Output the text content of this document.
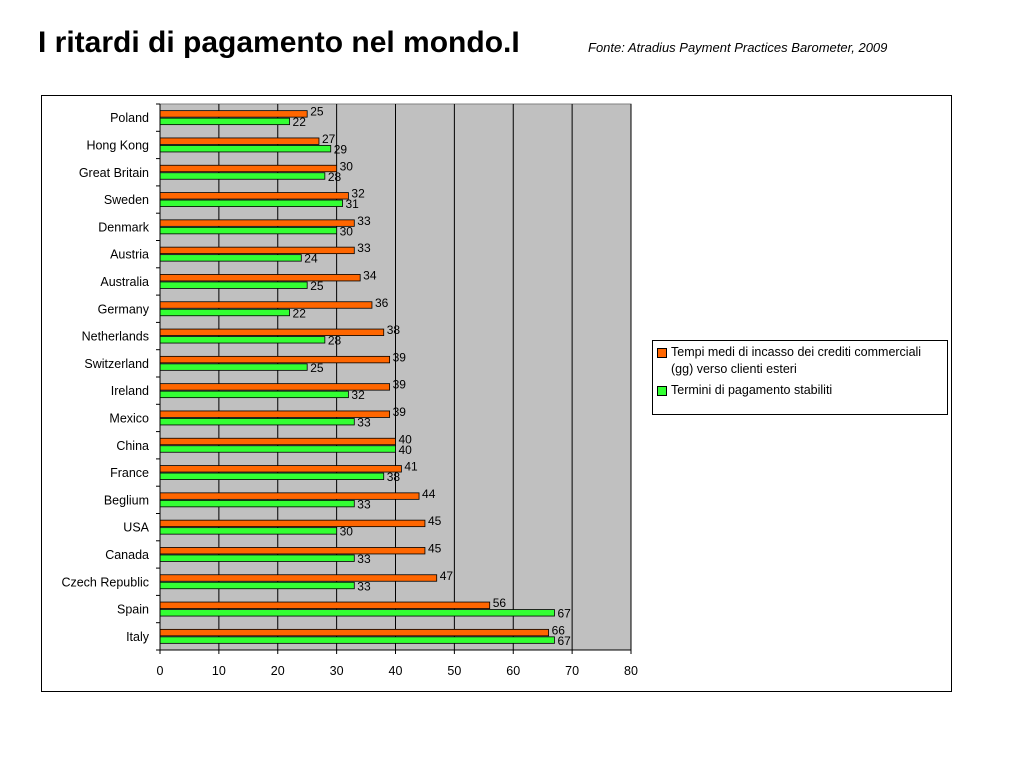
I ritardi di pagamento nel mondo.I	Fonte: Atradius Payment Practices Barometer, 2009
25
22
Poland
27
29
Hong Kong
30
28
Great Britain
32
31
Sweden
33
30
Denmark
33
24
Austria
34
25
Australia
36
22
Germany
38
28
Netherlands
39
25
Switzerland
39
32
Ireland
39
33
Mexico
40
40
China
41
38
France
44
33
Beglium
45
30
USA
45
33
Canada
47
33
Czech Republic
56
67
Spain
66
67
Italy
0	10	20	30	40	50	60	70	80
Tempi medi di incasso dei crediti commerciali (gg) verso clienti esteri
Termini di pagamento stabiliti
